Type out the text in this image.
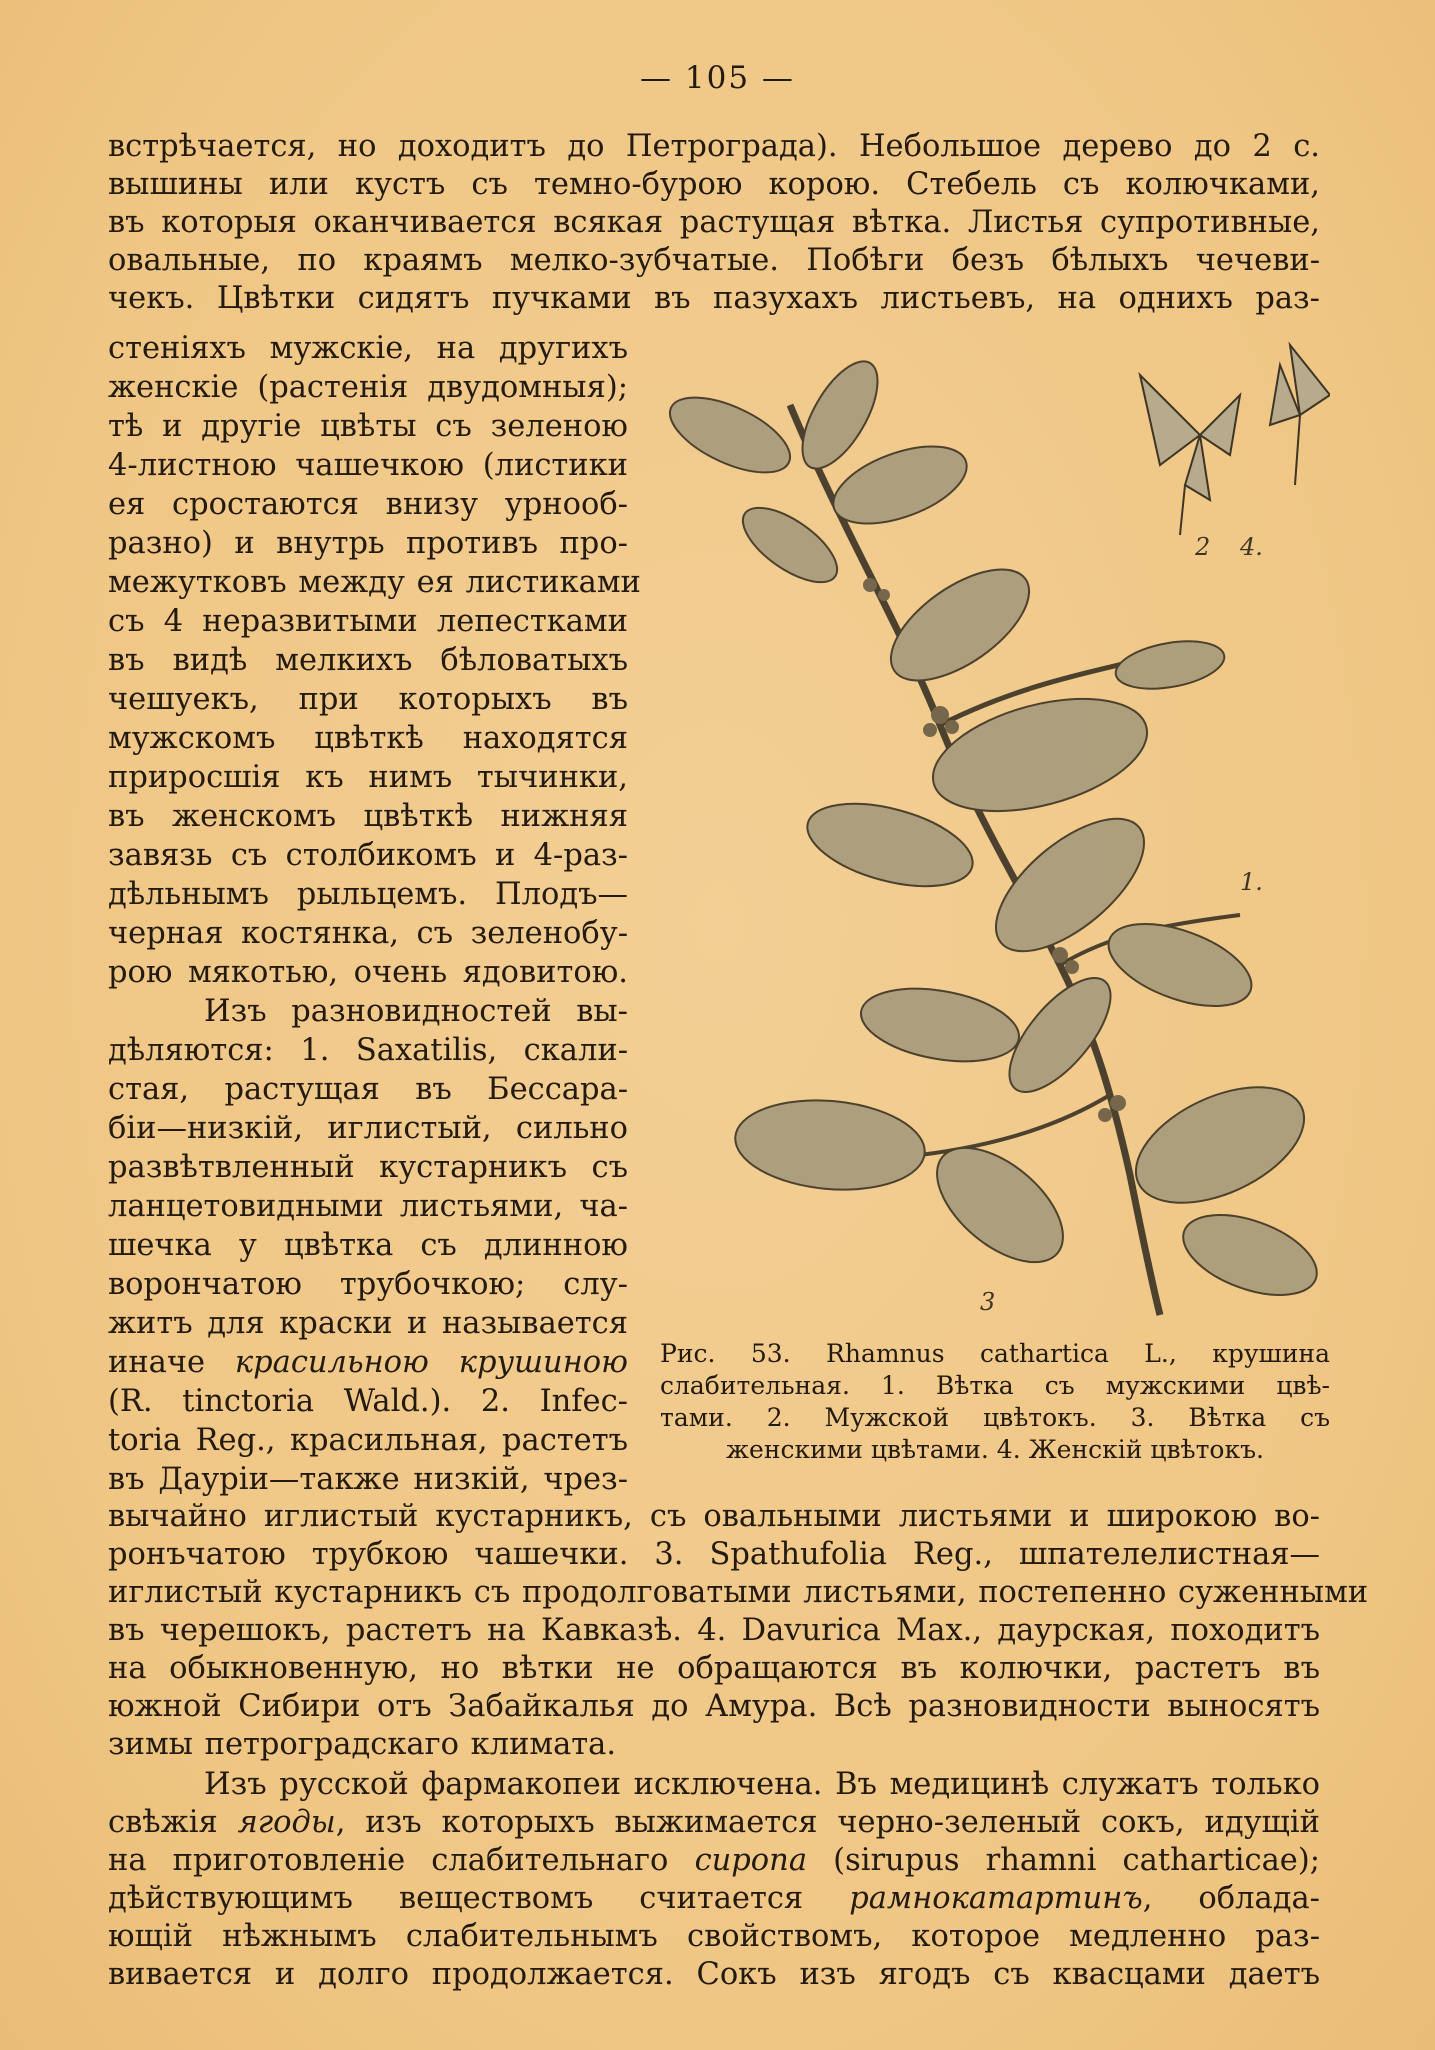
— 105 —
встрѣчается, но доходитъ до Петрограда). Небольшое дерево до 2 с.
вышины или кустъ съ темно-бурою корою. Стебель съ колючками,
въ которыя оканчивается всякая растущая вѣтка. Листья супротивные,
овальные, по краямъ мелко-зубчатые. Побѣги безъ бѣлыхъ чечеви-
чекъ. Цвѣтки сидятъ пучками въ пазухахъ листьевъ, на однихъ раз-
стеніяхъ мужскіе, на другихъ
женскіе (растенія двудомныя);
тѣ и другіе цвѣты съ зеленою
4-листною чашечкою (листики
ея сростаются внизу урнооб-
разно) и внутрь противъ про-
межутковъ между ея листиками
съ 4 неразвитыми лепестками
въ видѣ мелкихъ бѣловатыхъ
чешуекъ, при которыхъ въ
мужскомъ цвѣткѣ находятся
приросшія къ нимъ тычинки,
въ женскомъ цвѣткѣ нижняя
завязь съ столбикомъ и 4-раз-
дѣльнымъ рыльцемъ. Плодъ—
черная костянка, съ зеленобу-
рою мякотью, очень ядовитою.
Изъ разновидностей вы-
дѣляются: 1. Saxatilis, скали-
стая, растущая въ Бессара-
біи—низкій, иглистый, сильно
развѣтвленный кустарникъ съ
ланцетовидными листьями, ча-
шечка у цвѣтка съ длинною
ворончатою трубочкою; слу-
житъ для краски и называется
иначе красильною крушиною
(R. tinctoria Wald.). 2. Infec-
toria Reg., красильная, растетъ
въ Дауріи—также низкій, чрез-
2 4.
1.
3
Рис. 53. Rhamnus cathartica L., крушина
слабительная. 1. Вѣтка съ мужскими цвѣ-
тами. 2. Мужской цвѣтокъ. 3. Вѣтка съ
женскими цвѣтами. 4. Женскій цвѣтокъ.
вычайно иглистый кустарникъ, съ овальными листьями и широкою во-
ронъчатою трубкою чашечки. 3. Spathufolia Reg., шпателелистная—
иглистый кустарникъ съ продолговатыми листьями, постепенно суженными
въ черешокъ, растетъ на Кавказѣ. 4. Davurica Max., даурская, походитъ
на обыкновенную, но вѣтки не обращаются въ колючки, растетъ въ
южной Сибири отъ Забайкалья до Амура. Всѣ разновидности выносятъ
зимы петроградскаго климата.
Изъ русской фармакопеи исключена. Въ медицинѣ служатъ только
свѣжія ягоды, изъ которыхъ выжимается черно-зеленый сокъ, идущій
на приготовленіе слабительнаго сиропа (sirupus rhamni catharticae);
дѣйствующимъ веществомъ считается рамнокатартинъ, облада-
ющій нѣжнымъ слабительнымъ свойствомъ, которое медленно раз-
вивается и долго продолжается. Сокъ изъ ягодъ съ квасцами даетъ
